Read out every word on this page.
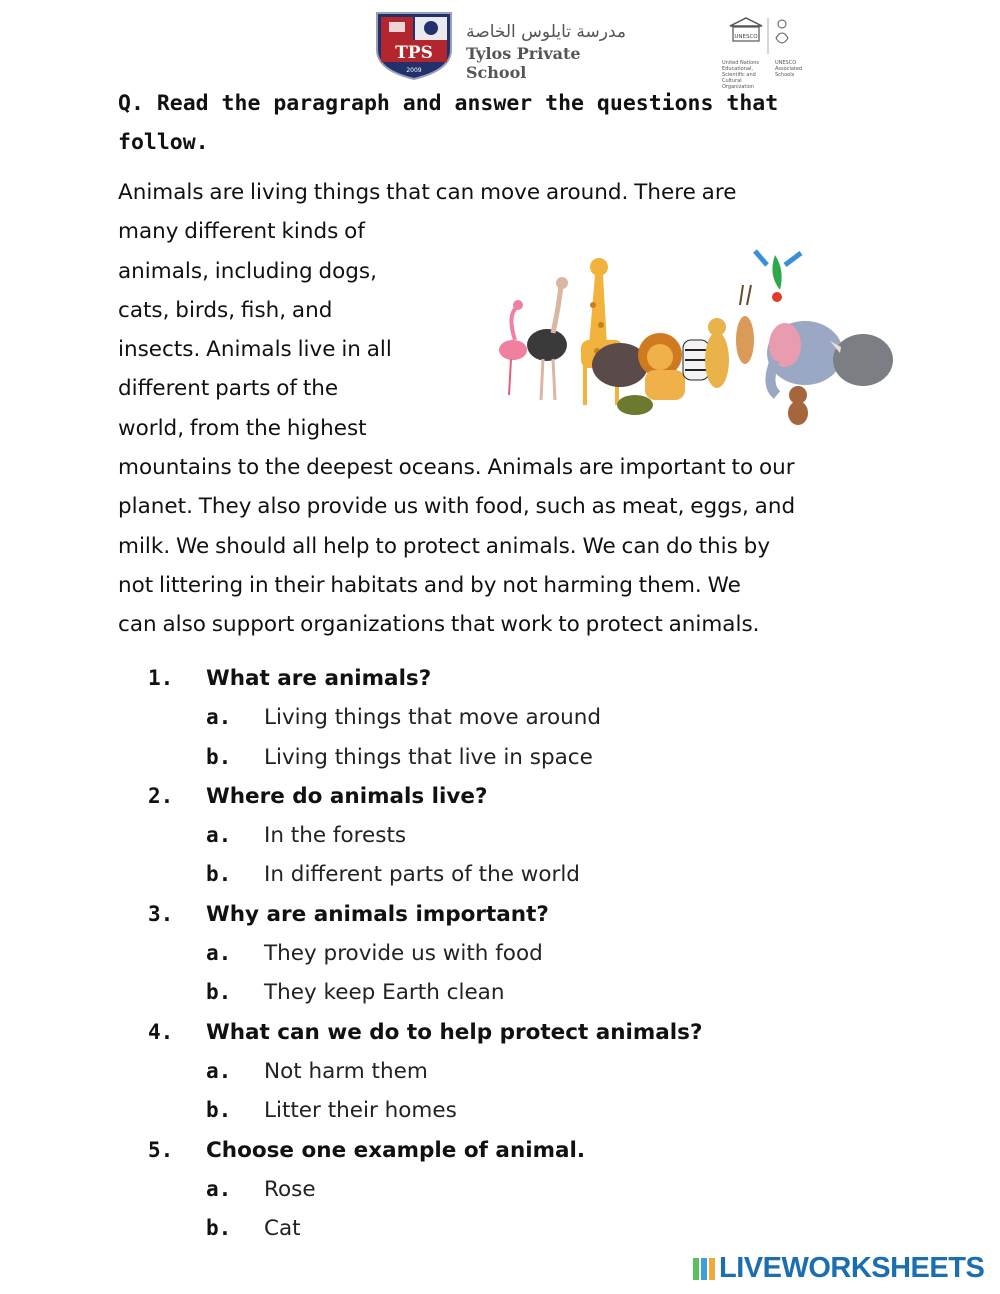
TPS
2009
مدرسة تايلوس الخاصة
Tylos Private School
UNESCO
United Nations Educational, Scientific and Cultural Organization
UNESCO Associated Schools
Q. Read the paragraph and answer the questions that follow.
Animals are living things that can move around. There are
many different kinds of
animals, including dogs,
cats, birds, fish, and
insects. Animals live in all
different parts of the
world, from the highest
mountains to the deepest oceans. Animals are important to our
planet. They also provide us with food, such as meat, eggs, and
milk. We should all help to protect animals. We can do this by
not littering in their habitats and by not harming them. We
can also support organizations that work to protect animals.
1. What are animals?
a. Living things that move around
b. Living things that live in space
2. Where do animals live?
a. In the forests
b. In different parts of the world
3. Why are animals important?
a. They provide us with food
b. They keep Earth clean
4. What can we do to help protect animals?
a. Not harm them
b. Litter their homes
5. Choose one example of animal.
a. Rose
b. Cat
LIVEWORKSHEETS
